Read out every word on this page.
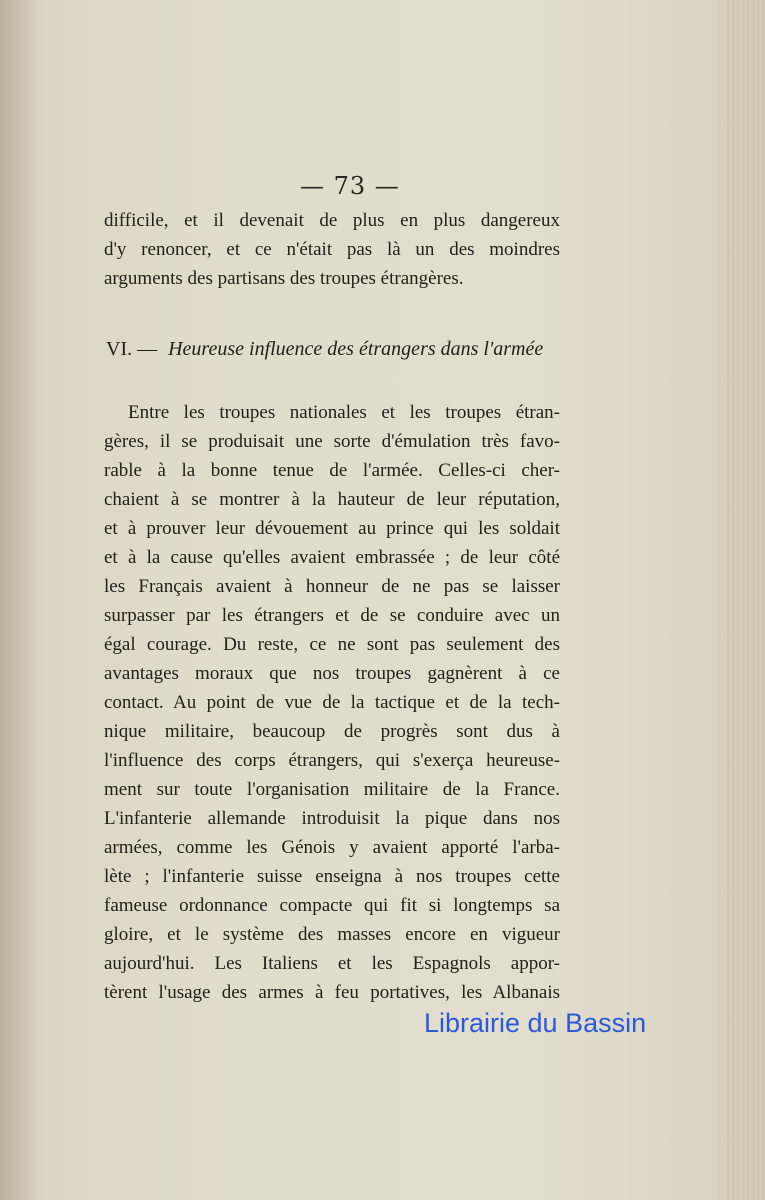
— 73 —
difficile, et il devenait de plus en plus dangereux
d'y renoncer, et ce n'était pas là un des moindres
arguments des partisans des troupes étrangères.
VI. — Heureuse influence des étrangers dans l'armée
Entre les troupes nationales et les troupes étran-
gères, il se produisait une sorte d'émulation très favo-
rable à la bonne tenue de l'armée. Celles-ci cher-
chaient à se montrer à la hauteur de leur réputation,
et à prouver leur dévouement au prince qui les soldait
et à la cause qu'elles avaient embrassée ; de leur côté
les Français avaient à honneur de ne pas se laisser
surpasser par les étrangers et de se conduire avec un
égal courage. Du reste, ce ne sont pas seulement des
avantages moraux que nos troupes gagnèrent à ce
contact. Au point de vue de la tactique et de la tech-
nique militaire, beaucoup de progrès sont dus à
l'influence des corps étrangers, qui s'exerça heureuse-
ment sur toute l'organisation militaire de la France.
L'infanterie allemande introduisit la pique dans nos
armées, comme les Génois y avaient apporté l'arba-
lète ; l'infanterie suisse enseigna à nos troupes cette
fameuse ordonnance compacte qui fit si longtemps sa
gloire, et le système des masses encore en vigueur
aujourd'hui. Les Italiens et les Espagnols appor-
tèrent l'usage des armes à feu portatives, les Albanais
Librairie du Bassin
